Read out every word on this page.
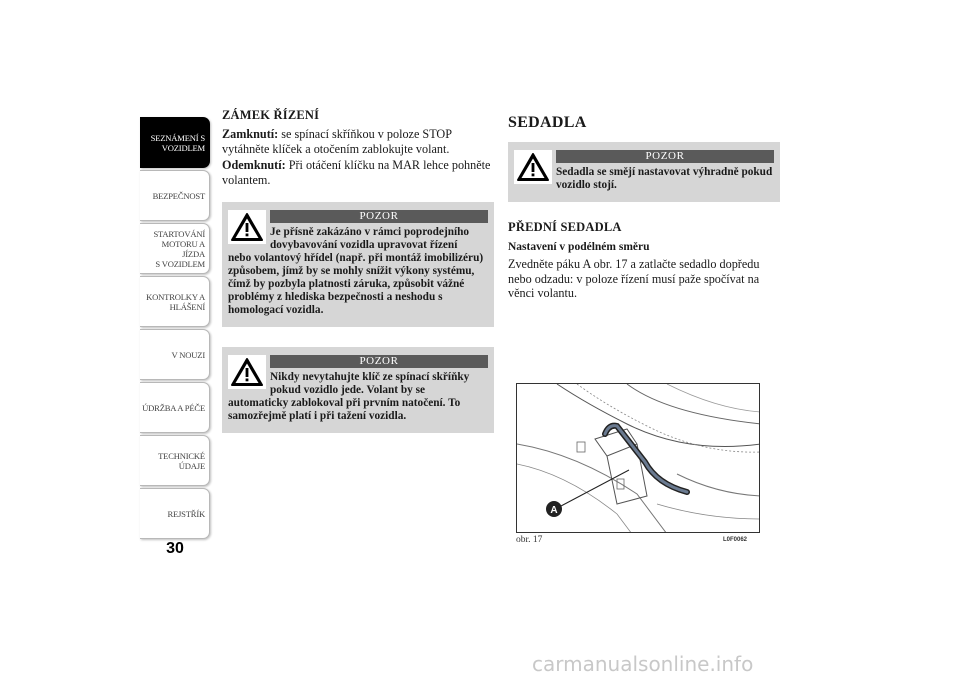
SEZNÁMENÍ S
VOZIDLEM
BEZPEČNOST
STARTOVÁNÍ
MOTORU A JÍZDA
S VOZIDLEM
KONTROLKY A
HLÁŠENÍ
V NOUZI
ÚDRŽBA A PÉČE
TECHNICKÉ
ÚDAJE
REJSTŘÍK
30
ZÁMEK ŘÍZENÍ

Zamknutí: se spínací skříňkou v poloze STOP vytáhněte klíček a otočením zablokujte volant.

Odemknutí: Při otáčení klíčku na MAR lehce pohněte volantem.

POZOR
Je přísně zakázáno v rámci poprodejního dovybavování vozidla upravovat řízení
nebo volantový hřídel (např. při montáž imobilizéru) způsobem, jímž by se mohly snížit výkony systému, čímž by pozbyla platnosti záruka, způsobit vážné problémy z hlediska bezpečnosti a neshodu s homologací vozidla.
POZOR
Nikdy nevytahujte klíč ze spínací skříňky pokud vozidlo jede. Volant by se
automaticky zablokoval při prvním natočení. To samozřejmě platí i při tažení vozidla.
SEDADLA
POZOR
Sedadla se smějí nastavovat výhradně pokud vozidlo stojí.
PŘEDNÍ SEDADLA
Nastavení v podélném směru

Zvedněte páku A obr. 17 a zatlačte sedadlo dopředu nebo odzadu: v poloze řízení musí paže spočívat na věnci volantu.

A
obr. 17	L0F0062
carmanualsonline.info
